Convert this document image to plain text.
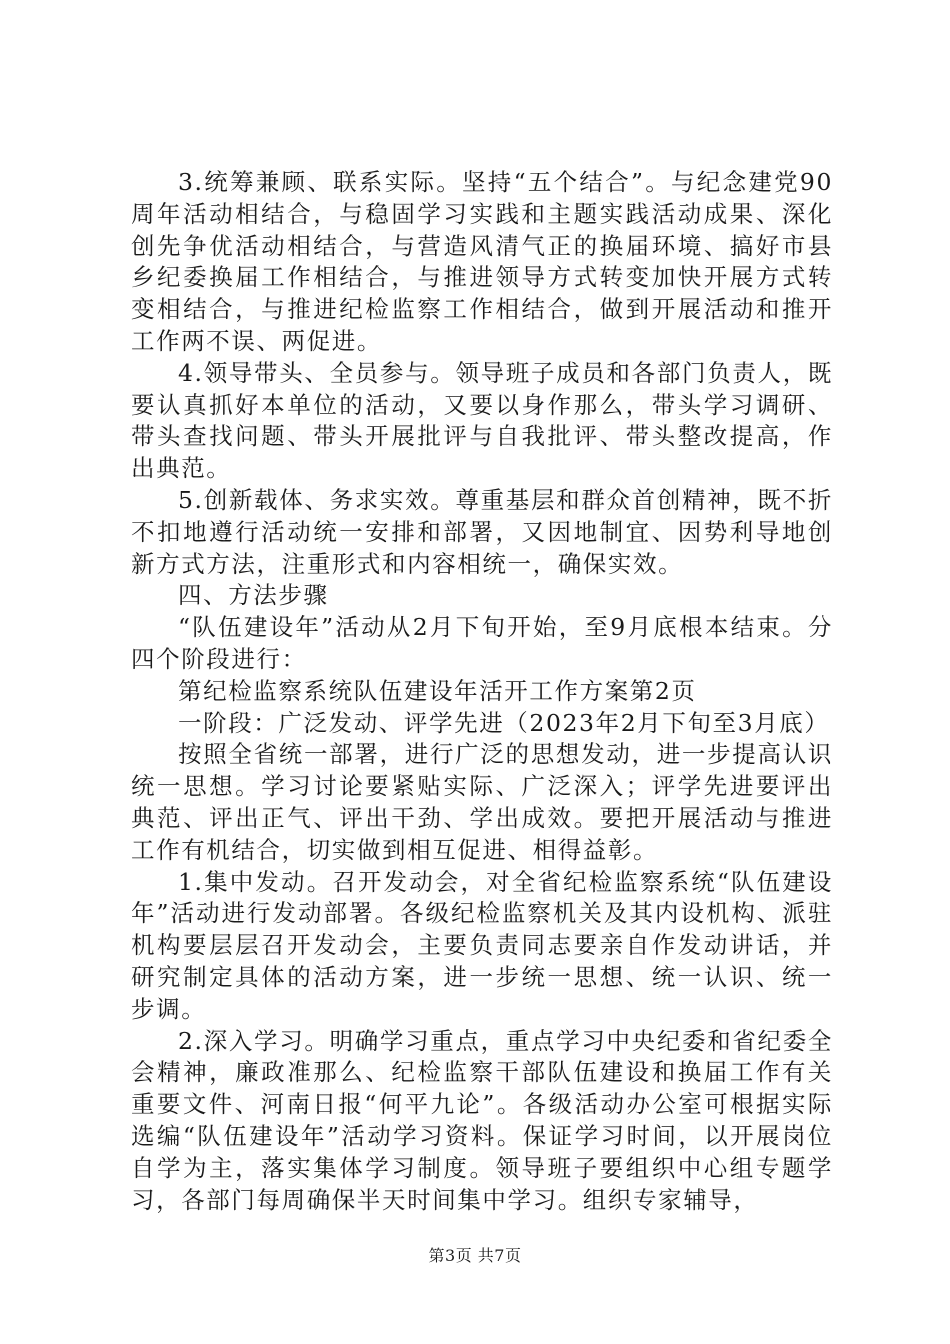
3.统筹兼顾、联系实际。坚持“五个结合”。与纪念建党90周年活动相结合，与稳固学习实践和主题实践活动成果、深化创先争优活动相结合，与营造风清气正的换届环境、搞好市县乡纪委换届工作相结合，与推进领导方式转变加快开展方式转变相结合，与推进纪检监察工作相结合，做到开展活动和推开工作两不误、两促进。

4.领导带头、全员参与。领导班子成员和各部门负责人，既要认真抓好本单位的活动，又要以身作那么，带头学习调研、带头查找问题、带头开展批评与自我批评、带头整改提高，作出典范。

5.创新载体、务求实效。尊重基层和群众首创精神，既不折不扣地遵行活动统一安排和部署，又因地制宜、因势利导地创新方式方法，注重形式和内容相统一，确保实效。

四、方法步骤

“队伍建设年”活动从2月下旬开始，至9月底根本结束。分四个阶段进行：

第纪检监察系统队伍建设年活开工作方案第2页

一阶段：广泛发动、评学先进（2023年2月下旬至3月底）

按照全省统一部署，进行广泛的思想发动，进一步提高认识统一思想。学习讨论要紧贴实际、广泛深入；评学先进要评出典范、评出正气、评出干劲、学出成效。要把开展活动与推进工作有机结合，切实做到相互促进、相得益彰。

1.集中发动。召开发动会，对全省纪检监察系统“队伍建设年”活动进行发动部署。各级纪检监察机关及其内设机构、派驻机构要层层召开发动会，主要负责同志要亲自作发动讲话，并研究制定具体的活动方案，进一步统一思想、统一认识、统一步调。

2.深入学习。明确学习重点，重点学习中央纪委和省纪委全会精神，廉政准那么、纪检监察干部队伍建设和换届工作有关重要文件、河南日报“何平九论”。各级活动办公室可根据实际选编“队伍建设年”活动学习资料。保证学习时间，以开展岗位自学为主，落实集体学习制度。领导班子要组织中心组专题学习，各部门每周确保半天时间集中学习。组织专家辅导，

第3页 共7页
